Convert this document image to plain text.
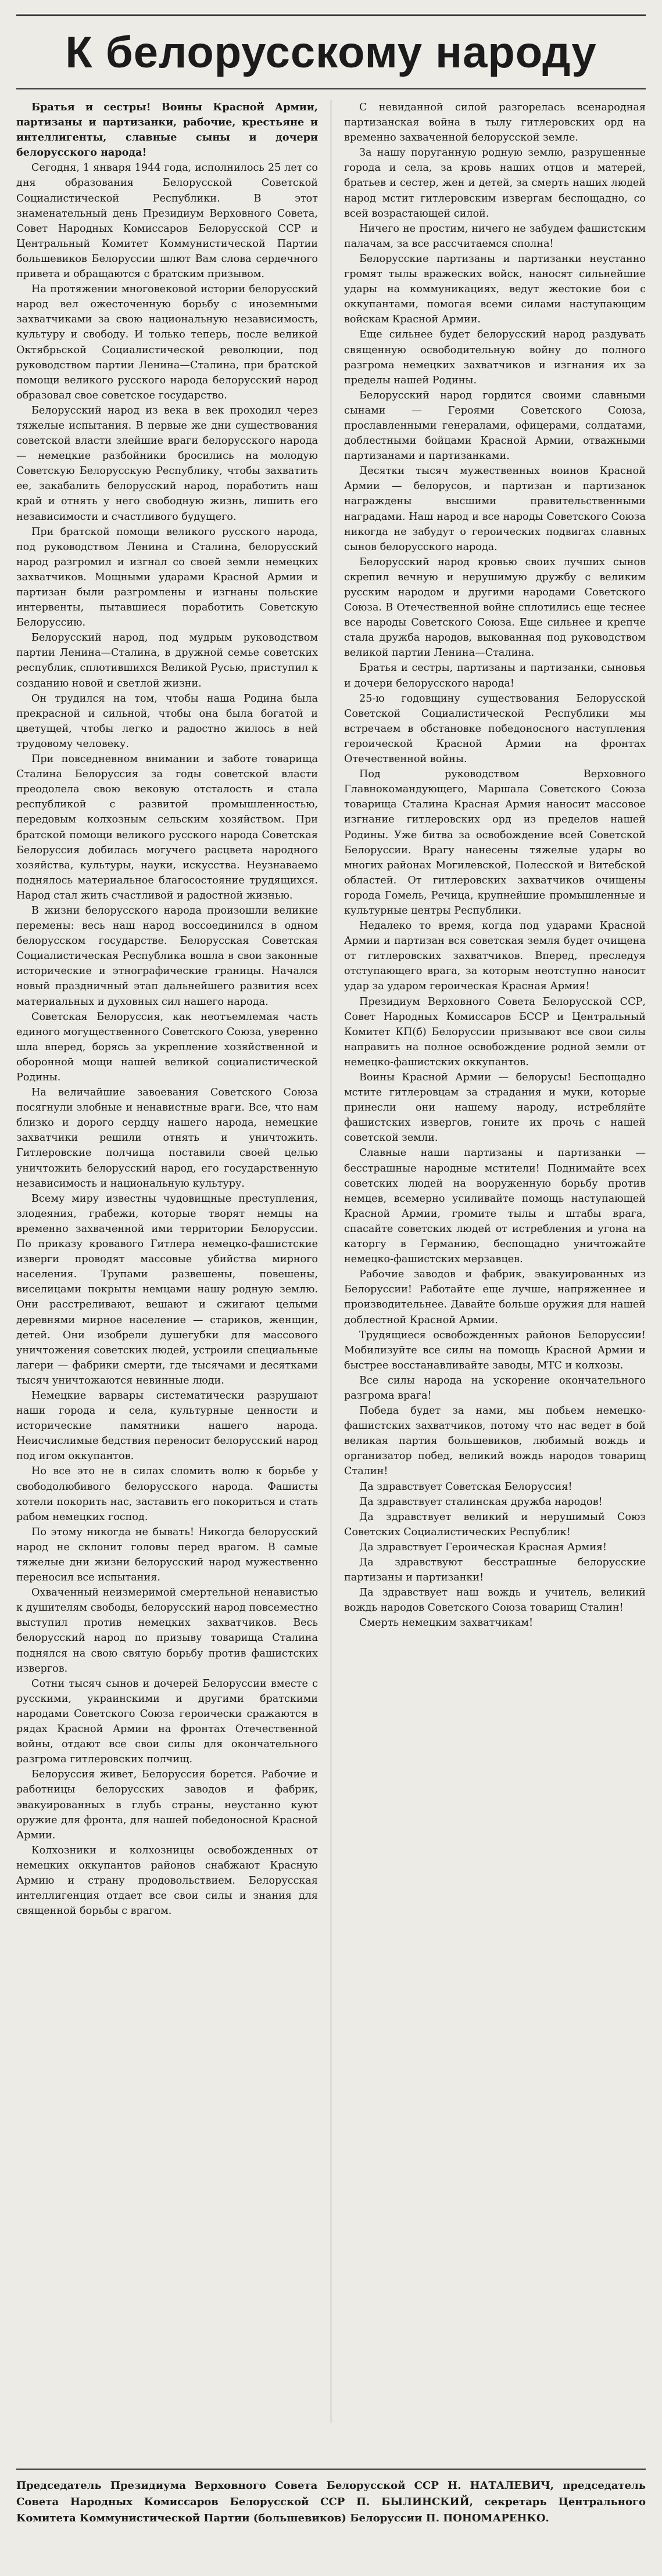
К белорусскому народу

Братья и сестры! Воины Красной Армии, партизаны и партизанки, рабочие, крестьяне и интеллигенты, славные сыны и дочери белорусского народа!

Сегодня, 1 января 1944 года, исполнилось 25 лет со дня образования Белорусской Советской Социалистической Республики. В этот знаменательный день Президиум Верховного Совета, Совет Народных Комиссаров Белорусской ССР и Центральный Комитет Коммунистической Партии большевиков Белоруссии шлют Вам слова сердечного привета и обращаются с братским призывом.

На протяжении многовековой истории белорусский народ вел ожесточенную борьбу с иноземными захватчиками за свою национальную независимость, культуру и свободу. И только теперь, после великой Октябрьской Социалистической революции, под руководством партии Ленина—Сталина, при братской помощи великого русского народа белорусский народ образовал свое советское государство.

Белорусский народ из века в век проходил через тяжелые испытания. В первые же дни существования советской власти злейшие враги белорусского народа — немецкие разбойники бросились на молодую Советскую Белорусскую Республику, чтобы захватить ее, закабалить белорусский народ, поработить наш край и отнять у него свободную жизнь, лишить его независимости и счастливого будущего.

При братской помощи великого русского народа, под руководством Ленина и Сталина, белорусский народ разгромил и изгнал со своей земли немецких захватчиков. Мощными ударами Красной Армии и партизан были разгромлены и изгнаны польские интервенты, пытавшиеся поработить Советскую Белоруссию.

Белорусский народ, под мудрым руководством партии Ленина—Сталина, в дружной семье советских республик, сплотившихся Великой Русью, приступил к созданию новой и светлой жизни.

Он трудился на том, чтобы наша Родина была прекрасной и сильной, чтобы она была богатой и цветущей, чтобы легко и радостно жилось в ней трудовому человеку.

При повседневном внимании и заботе товарища Сталина Белоруссия за годы советской власти преодолела свою вековую отсталость и стала республикой с развитой промышленностью, передовым колхозным сельским хозяйством. При братской помощи великого русского народа Советская Белоруссия добилась могучего расцвета народного хозяйства, культуры, науки, искусства. Неузнаваемо поднялось материальное благосостояние трудящихся. Народ стал жить счастливой и радостной жизнью.

В жизни белорусского народа произошли великие перемены: весь наш народ воссоединился в одном белорусском государстве. Белорусская Советская Социалистическая Республика вошла в свои законные исторические и этнографические границы. Начался новый праздничный этап дальнейшего развития всех материальных и духовных сил нашего народа.

Советская Белоруссия, как неотъемлемая часть единого могущественного Советского Союза, уверенно шла вперед, борясь за укрепление хозяйственной и оборонной мощи нашей великой социалистической Родины.

На величайшие завоевания Советского Союза посягнули злобные и ненавистные враги. Все, что нам близко и дорого сердцу нашего народа, немецкие захватчики решили отнять и уничтожить. Гитлеровские полчища поставили своей целью уничтожить белорусский народ, его государственную независимость и национальную культуру.

Всему миру известны чудовищные преступления, злодеяния, грабежи, которые творят немцы на временно захваченной ими территории Белоруссии. По приказу кровавого Гитлера немецко-фашистские изверги проводят массовые убийства мирного населения. Трупами развешены, повешены, виселицами покрыты немцами нашу родную землю. Они расстреливают, вешают и сжигают целыми деревнями мирное население — стариков, женщин, детей. Они изобрели душегубки для массового уничтожения советских людей, устроили специальные лагери — фабрики смерти, где тысячами и десятками тысяч уничтожаются невинные люди.

Немецкие варвары систематически разрушают наши города и села, культурные ценности и исторические памятники нашего народа. Неисчислимые бедствия переносит белорусский народ под игом оккупантов.

Но все это не в силах сломить волю к борьбе у свободолюбивого белорусского народа. Фашисты хотели покорить нас, заставить его покориться и стать рабом немецких господ.

По этому никогда не бывать! Никогда белорусский народ не склонит головы перед врагом. В самые тяжелые дни жизни белорусский народ мужественно переносил все испытания.

Охваченный неизмеримой смертельной ненавистью к душителям свободы, белорусский народ повсеместно выступил против немецких захватчиков. Весь белорусский народ по призыву товарища Сталина поднялся на свою святую борьбу против фашистских извергов.

Сотни тысяч сынов и дочерей Белоруссии вместе с русскими, украинскими и другими братскими народами Советского Союза героически сражаются в рядах Красной Армии на фронтах Отечественной войны, отдают все свои силы для окончательного разгрома гитлеровских полчищ.

Белоруссия живет, Белоруссия борется. Рабочие и работницы белорусских заводов и фабрик, эвакуированных в глубь страны, неустанно куют оружие для фронта, для нашей победоносной Красной Армии.

Колхозники и колхозницы освобожденных от немецких оккупантов районов снабжают Красную Армию и страну продовольствием. Белорусская интеллигенция отдает все свои силы и знания для священной борьбы с врагом.

С невиданной силой разгорелась всенародная партизанская война в тылу гитлеровских орд на временно захваченной белорусской земле.

За нашу поруганную родную землю, разрушенные города и села, за кровь наших отцов и матерей, братьев и сестер, жен и детей, за смерть наших людей народ мстит гитлеровским извергам беспощадно, со всей возрастающей силой.

Ничего не простим, ничего не забудем фашистским палачам, за все рассчитаемся сполна!

Белорусские партизаны и партизанки неустанно громят тылы вражеских войск, наносят сильнейшие удары на коммуникациях, ведут жестокие бои с оккупантами, помогая всеми силами наступающим войскам Красной Армии.

Еще сильнее будет белорусский народ раздувать священную освободительную войну до полного разгрома немецких захватчиков и изгнания их за пределы нашей Родины.

Белорусский народ гордится своими славными сынами — Героями Советского Союза, прославленными генералами, офицерами, солдатами, доблестными бойцами Красной Армии, отважными партизанами и партизанками.

Десятки тысяч мужественных воинов Красной Армии — белорусов, и партизан и партизанок награждены высшими правительственными наградами. Наш народ и все народы Советского Союза никогда не забудут о героических подвигах славных сынов белорусского народа.

Белорусский народ кровью своих лучших сынов скрепил вечную и нерушимую дружбу с великим русским народом и другими народами Советского Союза. В Отечественной войне сплотились еще теснее все народы Советского Союза. Еще сильнее и крепче стала дружба народов, выкованная под руководством великой партии Ленина—Сталина.

Братья и сестры, партизаны и партизанки, сыновья и дочери белорусского народа!

25-ю годовщину существования Белорусской Советской Социалистической Республики мы встречаем в обстановке победоносного наступления героической Красной Армии на фронтах Отечественной войны.

Под руководством Верховного Главнокомандующего, Маршала Советского Союза товарища Сталина Красная Армия наносит массовое изгнание гитлеровских орд из пределов нашей Родины. Уже битва за освобождение всей Советской Белоруссии. Врагу нанесены тяжелые удары во многих районах Могилевской, Полесской и Витебской областей. От гитлеровских захватчиков очищены города Гомель, Речица, крупнейшие промышленные и культурные центры Республики.

Недалеко то время, когда под ударами Красной Армии и партизан вся советская земля будет очищена от гитлеровских захватчиков. Вперед, преследуя отступающего врага, за которым неотступно наносит удар за ударом героическая Красная Армия!

Президиум Верховного Совета Белорусской ССР, Совет Народных Комиссаров БССР и Центральный Комитет КП(б) Белоруссии призывают все свои силы направить на полное освобождение родной земли от немецко-фашистских оккупантов.

Воины Красной Армии — белорусы! Беспощадно мстите гитлеровцам за страдания и муки, которые принесли они нашему народу, истребляйте фашистских извергов, гоните их прочь с нашей советской земли.

Славные наши партизаны и партизанки — бесстрашные народные мстители! Поднимайте всех советских людей на вооруженную борьбу против немцев, всемерно усиливайте помощь наступающей Красной Армии, громите тылы и штабы врага, спасайте советских людей от истребления и угона на каторгу в Германию, беспощадно уничтожайте немецко-фашистских мерзавцев.

Рабочие заводов и фабрик, эвакуированных из Белоруссии! Работайте еще лучше, напряженнее и производительнее. Давайте больше оружия для нашей доблестной Красной Армии.

Трудящиеся освобожденных районов Белоруссии! Мобилизуйте все силы на помощь Красной Армии и быстрее восстанавливайте заводы, МТС и колхозы.

Все силы народа на ускорение окончательного разгрома врага!

Победа будет за нами, мы побьем немецко-фашистских захватчиков, потому что нас ведет в бой великая партия большевиков, любимый вождь и организатор побед, великий вождь народов товарищ Сталин!

Да здравствует Советская Белоруссия!

Да здравствует сталинская дружба народов!

Да здравствует великий и нерушимый Союз Советских Социалистических Республик!

Да здравствует Героическая Красная Армия!

Да здравствуют бесстрашные белорусские партизаны и партизанки!

Да здравствует наш вождь и учитель, великий вождь народов Советского Союза товарищ Сталин!

Смерть немецким захватчикам!

Председатель Президиума Верховного Совета Белорусской ССР Н. НАТАЛЕВИЧ, председатель Совета Народных Комиссаров Белорусской ССР П. БЫЛИНСКИЙ, секретарь Центрального Комитета Коммунистической Партии (большевиков) Белоруссии П. ПОНОМАРЕНКО.
